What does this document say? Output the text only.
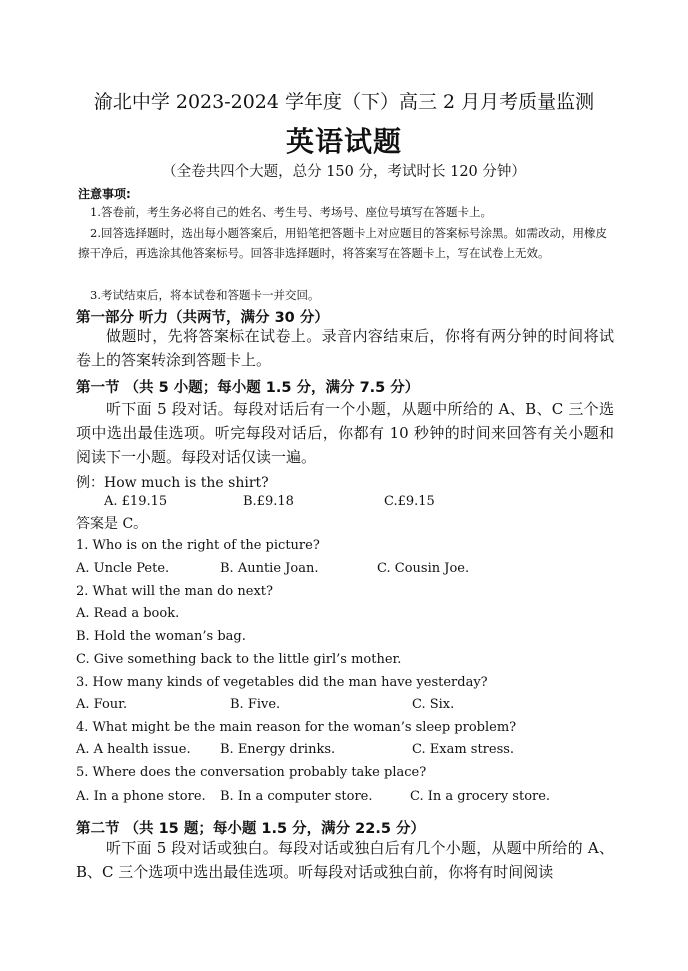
渝北中学 2023-2024 学年度（下）高三 2 月月考质量监测
英语试题
（全卷共四个大题，总分 150 分，考试时长 120 分钟）
注意事项:
1.答卷前，考生务必将自己的姓名、考生号、考场号、座位号填写在答题卡上。
2.回答选择题时，选出每小题答案后，用铅笔把答题卡上对应题目的答案标号涂黑。如需改动，用橡皮擦干净后，再选涂其他答案标号。回答非选择题时，将答案写在答题卡上，写在试卷上无效。
3.考试结束后，将本试卷和答题卡一并交回。
第一部分 听力（共两节，满分 30 分）
做题时，先将答案标在试卷上。录音内容结束后，你将有两分钟的时间将试卷上的答案转涂到答题卡上。
第一节 （共 5 小题；每小题 1.5 分，满分 7.5 分）
听下面 5 段对话。每段对话后有一个小题，从题中所给的 A、B、C 三个选项中选出最佳选项。听完每段对话后，你都有 10 秒钟的时间来回答有关小题和阅读下一小题。每段对话仅读一遍。
例：How much is the shirt?
A. £19.15	B.£9.18	C.£9.15
答案是 C。
1. Who is on the right of the picture?
A. Uncle Pete.	B. Auntie Joan.	C. Cousin Joe.
2. What will the man do next?
A. Read a book.
B. Hold the woman’s bag.
C. Give something back to the little girl’s mother.
3. How many kinds of vegetables did the man have yesterday?
A. Four.	B. Five.	C. Six.
4. What might be the main reason for the woman’s sleep problem?
A. A health issue. B. Energy drinks.	C. Exam stress.
5. Where does the conversation probably take place?
A. In a phone store. B. In a computer store.	C. In a grocery store.
第二节 （共 15 题；每小题 1.5 分，满分 22.5 分）
听下面 5 段对话或独白。每段对话或独白后有几个小题，从题中所给的 A、B、C 三个选项中选出最佳选项。听每段对话或独白前，你将有时间阅读
